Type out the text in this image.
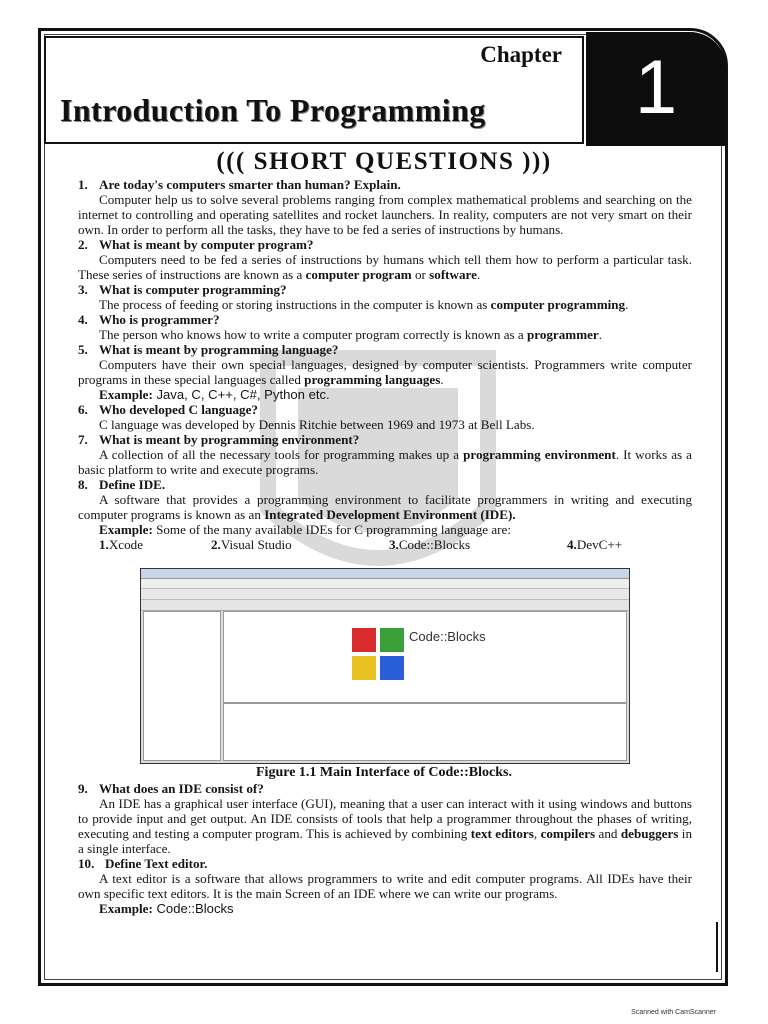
Chapter
Introduction To Programming	1
((( SHORT QUESTIONS )))
1. Are today's computers smarter than human? Explain.

Computer help us to solve several problems ranging from complex mathematical problems and searching on the internet to controlling and operating satellites and rocket launchers. In reality, computers are not very smart on their own. In order to perform all the tasks, they have to be fed a series of instructions by humans.

2. What is meant by computer program?

Computers need to be fed a series of instructions by humans which tell them how to perform a particular task. These series of instructions are known as a computer program or software.

3. What is computer programming?

The process of feeding or storing instructions in the computer is known as computer programming.

4. Who is programmer?

The person who knows how to write a computer program correctly is known as a programmer.

5. What is meant by programming language?

Computers have their own special languages, designed by computer scientists. Programmers write computer programs in these special languages called programming languages.

Example: Java, C, C++, C#, Python etc.

6. Who developed C language?

C language was developed by Dennis Ritchie between 1969 and 1973 at Bell Labs.

7. What is meant by programming environment?

A collection of all the necessary tools for programming makes up a programming environment. It works as a basic platform to write and execute programs.

8. Define IDE.

A software that provides a programming environment to facilitate programmers in writing and executing computer programs is known as an Integrated Development Environment (IDE).

Example: Some of the many available IDEs for C programming language are:

1.Xcode	2.Visual Studio	3.Code::Blocks	4.DevC++
Code::Blocks
Figure 1.1 Main Interface of Code::Blocks.
9. What does an IDE consist of?

An IDE has a graphical user interface (GUI), meaning that a user can interact with it using windows and buttons to provide input and get output. An IDE consists of tools that help a programmer throughout the phases of writing, executing and testing a computer program. This is achieved by combining text editors, compilers and debuggers in a single interface.

10. Define Text editor.

A text editor is a software that allows programmers to write and edit computer programs. All IDEs have their own specific text editors. It is the main Screen of an IDE where we can write our programs.

Example: Code::Blocks

Scanned with CamScanner
